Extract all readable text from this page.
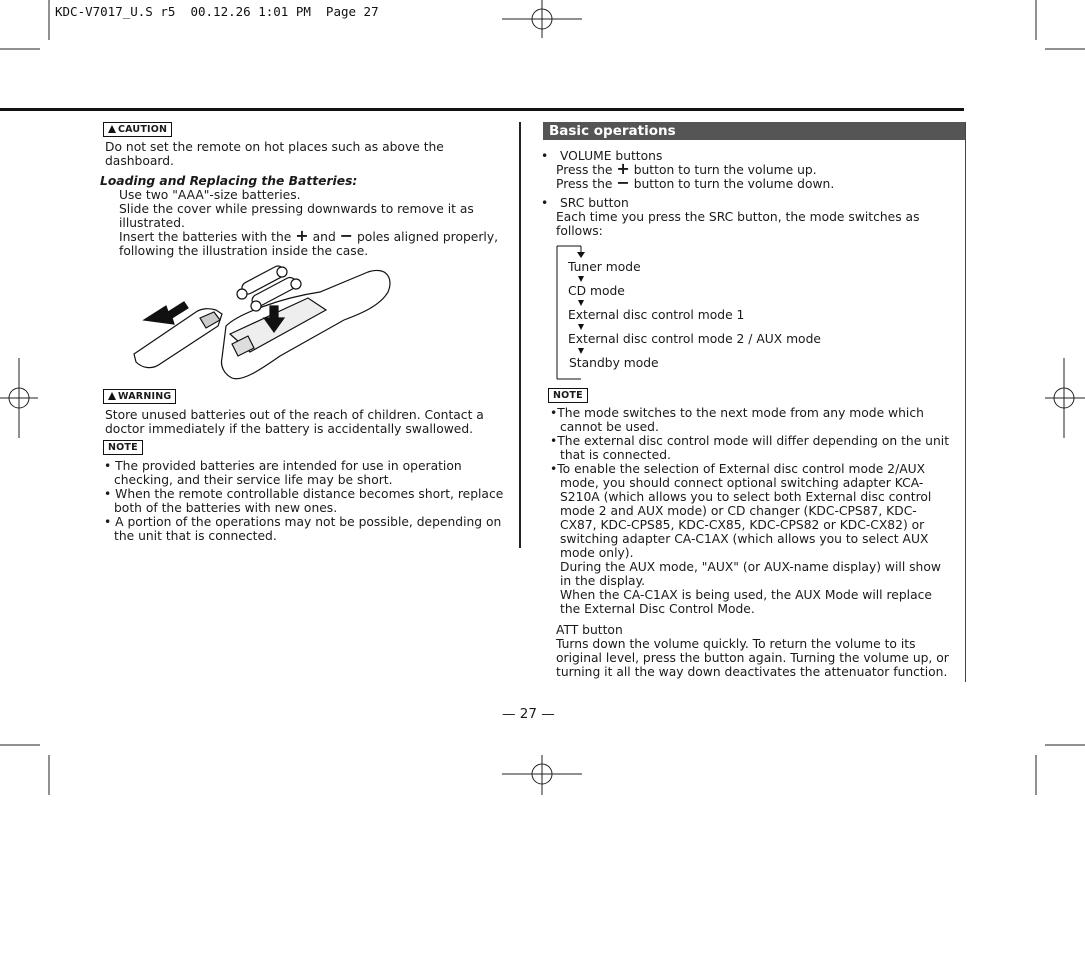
KDC-V7017_U.S r5  00.12.26 1:01 PM  Page 27
CAUTION
Do not set the remote on hot places such as above the
dashboard.
Loading and Replacing the Batteries:
Use two "AAA"-size batteries.
Slide the cover while pressing downwards to remove it as
illustrated.
Insert the batteries with the + and − poles aligned properly,
following the illustration inside the case.
WARNING
Store unused batteries out of the reach of children. Contact a
doctor immediately if the battery is accidentally swallowed.
NOTE
• The provided batteries are intended for use in operation
checking, and their service life may be short.
• When the remote controllable distance becomes short, replace
both of the batteries with new ones.
• A portion of the operations may not be possible, depending on
the unit that is connected.
Basic operations
•   VOLUME buttons
Press the + button to turn the volume up.
Press the − button to turn the volume down.
•   SRC button
Each time you press the SRC button, the mode switches as
follows:
Tuner mode
CD mode
External disc control mode 1
External disc control mode 2 / AUX mode
Standby mode
NOTE
•The mode switches to the next mode from any mode which
cannot be used.
•The external disc control mode will differ depending on the unit
that is connected.
•To enable the selection of External disc control mode 2/AUX
mode, you should connect optional switching adapter KCA-
S210A (which allows you to select both External disc control
mode 2 and AUX mode) or CD changer (KDC-CPS87, KDC-
CX87, KDC-CPS85, KDC-CX85, KDC-CPS82 or KDC-CX82) or
switching adapter CA-C1AX (which allows you to select AUX
mode only).
During the AUX mode, "AUX" (or AUX-name display) will show
in the display.
When the CA-C1AX is being used, the AUX Mode will replace
the External Disc Control Mode.
ATT button
Turns down the volume quickly. To return the volume to its
original level, press the button again. Turning the volume up, or
turning it all the way down deactivates the attenuator function.
— 27 —
